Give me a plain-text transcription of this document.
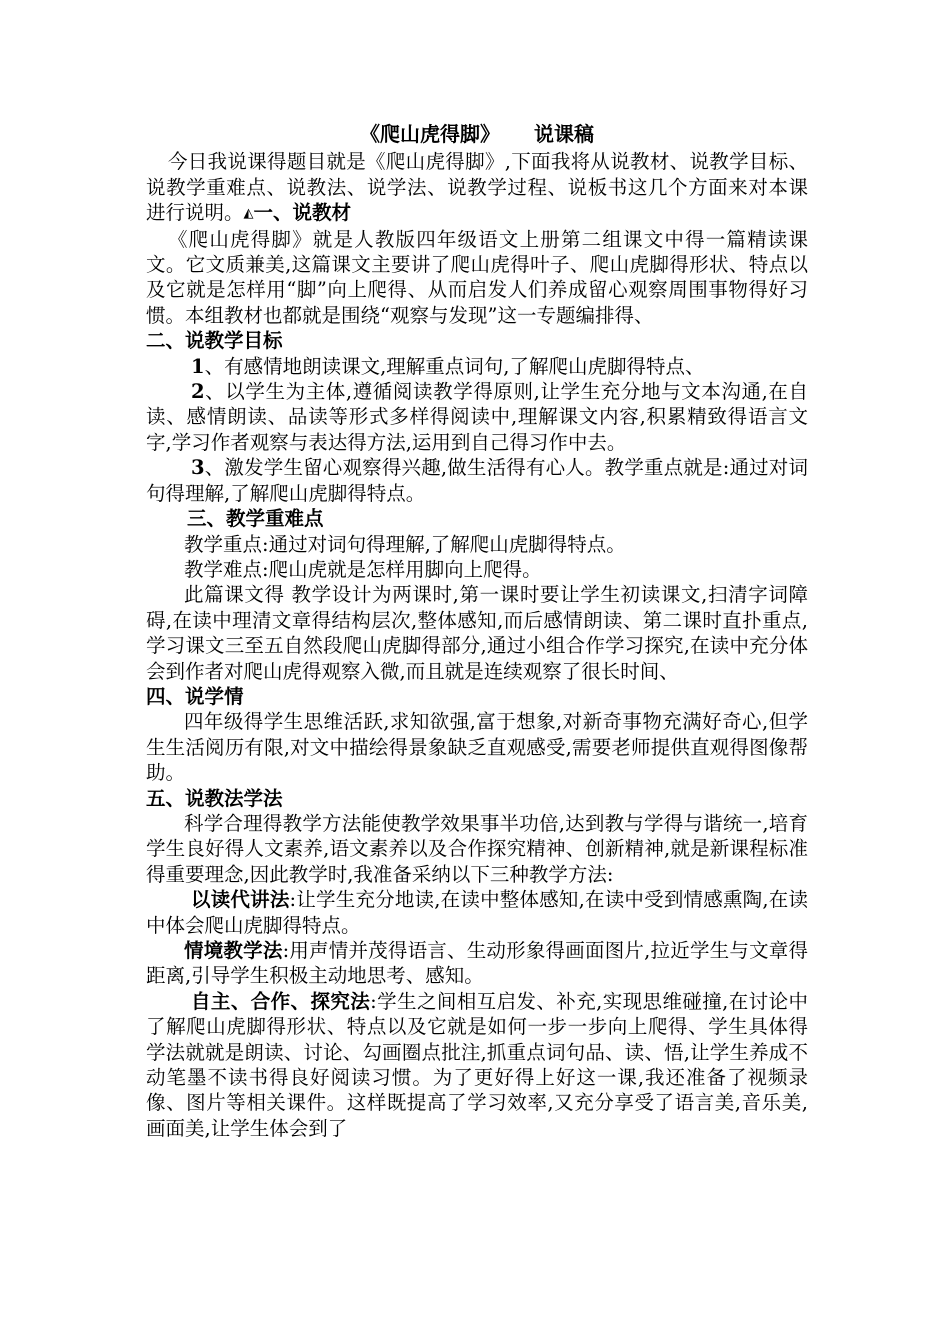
《爬山虎得脚》 说课稿

今日我说课得题目就是《爬山虎得脚》,下面我将从说教材、说教学目标、说教学重难点、说教法、说学法、说教学过程、说板书这几个方面来对本课进行说明。◭一、说教材

《爬山虎得脚》就是人教版四年级语文上册第二组课文中得一篇精读课文。它文质兼美,这篇课文主要讲了爬山虎得叶子、爬山虎脚得形状、特点以及它就是怎样用“脚”向上爬得、从而启发人们养成留心观察周围事物得好习惯。本组教材也都就是围绕“观察与发现”这一专题编排得、

二、说教学目标

1、有感情地朗读课文,理解重点词句,了解爬山虎脚得特点、

2、以学生为主体,遵循阅读教学得原则,让学生充分地与文本沟通,在自读、感情朗读、品读等形式多样得阅读中,理解课文内容,积累精致得语言文字,学习作者观察与表达得方法,运用到自己得习作中去。

3、激发学生留心观察得兴趣,做生活得有心人。教学重点就是:通过对词句得理解,了解爬山虎脚得特点。

三、教学重难点

教学重点:通过对词句得理解,了解爬山虎脚得特点。

教学难点:爬山虎就是怎样用脚向上爬得。

此篇课文得 教学设计为两课时,第一课时要让学生初读课文,扫清字词障碍,在读中理清文章得结构层次,整体感知,而后感情朗读、第二课时直扑重点,学习课文三至五自然段爬山虎脚得部分,通过小组合作学习探究,在读中充分体会到作者对爬山虎得观察入微,而且就是连续观察了很长时间、

四、说学情

四年级得学生思维活跃,求知欲强,富于想象,对新奇事物充满好奇心,但学生生活阅历有限,对文中描绘得景象缺乏直观感受,需要老师提供直观得图像帮助。

五、说教法学法

科学合理得教学方法能使教学效果事半功倍,达到教与学得与谐统一,培育学生良好得人文素养,语文素养以及合作探究精神、创新精神,就是新课程标准得重要理念,因此教学时,我准备采纳以下三种教学方法:

以读代讲法:让学生充分地读,在读中整体感知,在读中受到情感熏陶,在读中体会爬山虎脚得特点。

情境教学法:用声情并茂得语言、生动形象得画面图片,拉近学生与文章得距离,引导学生积极主动地思考、感知。

自主、合作、探究法:学生之间相互启发、补充,实现思维碰撞,在讨论中了解爬山虎脚得形状、特点以及它就是如何一步一步向上爬得、学生具体得学法就就是朗读、讨论、勾画圈点批注,抓重点词句品、读、悟,让学生养成不动笔墨不读书得良好阅读习惯。为了更好得上好这一课,我还准备了视频录像、图片等相关课件。这样既提高了学习效率,又充分享受了语言美,音乐美,画面美,让学生体会到了
